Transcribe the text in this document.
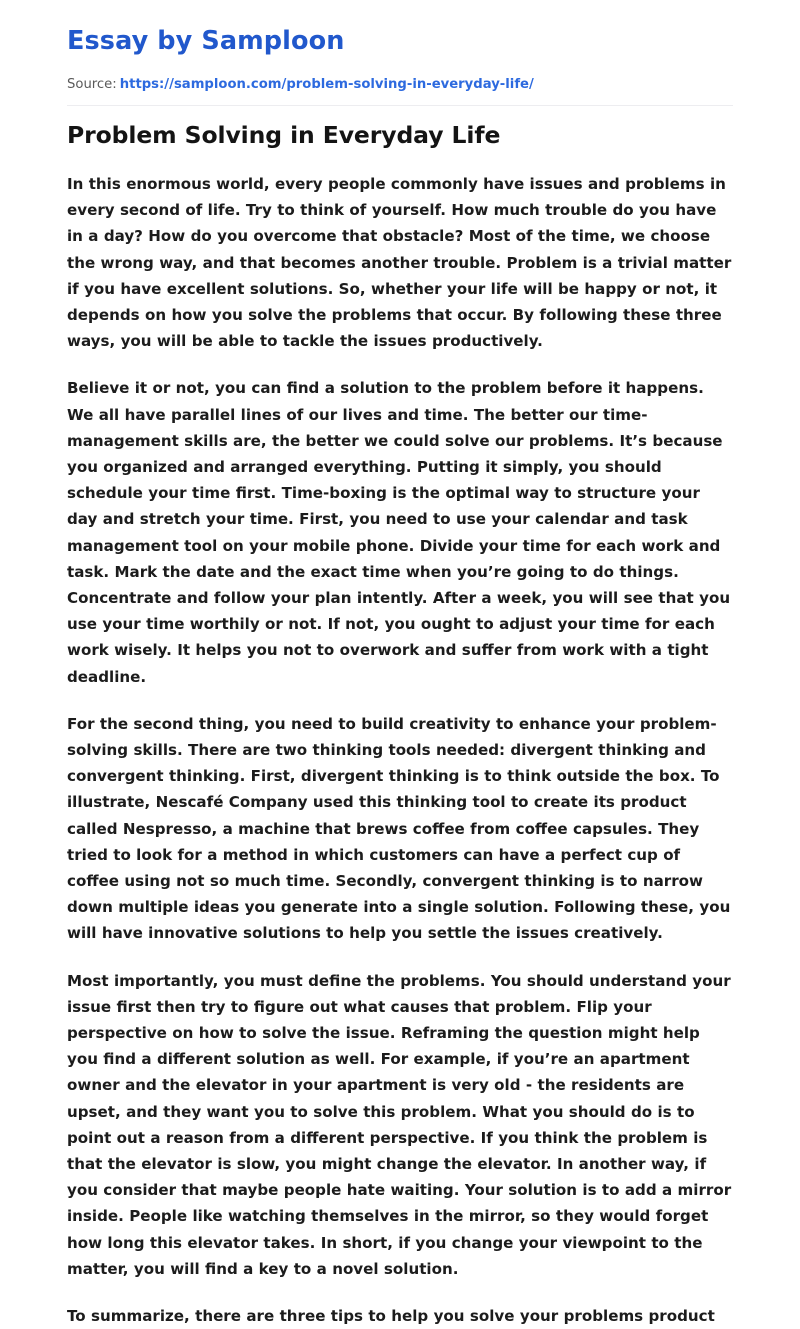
Essay by Samploon
Source: https://samploon.com/problem-solving-in-everyday-life/
Problem Solving in Everyday Life

In this enormous world, every people commonly have issues and problems in every second of life. Try to think of yourself. How much trouble do you have in a day? How do you overcome that obstacle? Most of the time, we choose the wrong way, and that becomes another trouble. Problem is a trivial matter if you have excellent solutions. So, whether your life will be happy or not, it depends on how you solve the problems that occur. By following these three ways, you will be able to tackle the issues productively.

Believe it or not, you can find a solution to the problem before it happens. We all have parallel lines of our lives and time. The better our time-management skills are, the better we could solve our problems. It’s because you organized and arranged everything. Putting it simply, you should schedule your time first. Time-boxing is the optimal way to structure your day and stretch your time. First, you need to use your calendar and task management tool on your mobile phone. Divide your time for each work and task. Mark the date and the exact time when you’re going to do things. Concentrate and follow your plan intently. After a week, you will see that you use your time worthily or not. If not, you ought to adjust your time for each work wisely. It helps you not to overwork and suffer from work with a tight deadline.

For the second thing, you need to build creativity to enhance your problem-solving skills. There are two thinking tools needed: divergent thinking and convergent thinking. First, divergent thinking is to think outside the box. To illustrate, Nescafé Company used this thinking tool to create its product called Nespresso, a machine that brews coffee from coffee capsules. They tried to look for a method in which customers can have a perfect cup of coffee using not so much time. Secondly, convergent thinking is to narrow down multiple ideas you generate into a single solution. Following these, you will have innovative solutions to help you settle the issues creatively.

Most importantly, you must define the problems. You should understand your issue first then try to figure out what causes that problem. Flip your perspective on how to solve the issue. Reframing the question might help you find a different solution as well. For example, if you’re an apartment owner and the elevator in your apartment is very old - the residents are upset, and they want you to solve this problem. What you should do is to point out a reason from a different perspective. If you think the problem is that the elevator is slow, you might change the elevator. In another way, if you consider that maybe people hate waiting. Your solution is to add a mirror inside. People like watching themselves in the mirror, so they would forget how long this elevator takes. In short, if you change your viewpoint to the matter, you will find a key to a novel solution.

To summarize, there are three tips to help you solve your problems product
